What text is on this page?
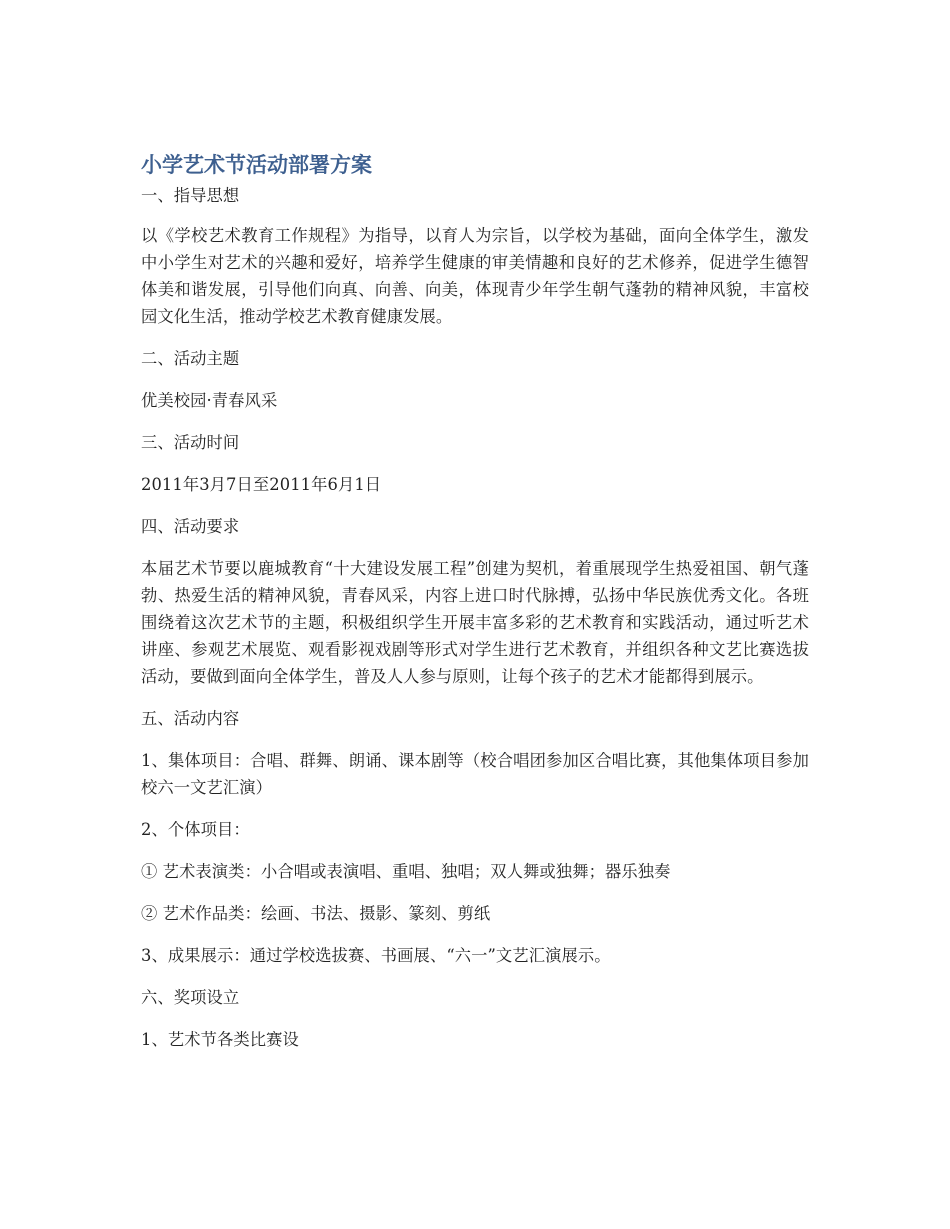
小学艺术节活动部署方案

一、指导思想

以《学校艺术教育工作规程》为指导，以育人为宗旨，以学校为基础，面向全体学生，激发中小学生对艺术的兴趣和爱好，培养学生健康的审美情趣和良好的艺术修养，促进学生德智体美和谐发展，引导他们向真、向善、向美，体现青少年学生朝气蓬勃的精神风貌，丰富校园文化生活，推动学校艺术教育健康发展。

二、活动主题

优美校园·青春风采

三、活动时间

2011年3月7日至2011年6月1日

四、活动要求

本届艺术节要以鹿城教育“十大建设发展工程”创建为契机，着重展现学生热爱祖国、朝气蓬勃、热爱生活的精神风貌，青春风采，内容上进口时代脉搏，弘扬中华民族优秀文化。各班围绕着这次艺术节的主题，积极组织学生开展丰富多彩的艺术教育和实践活动，通过听艺术讲座、参观艺术展览、观看影视戏剧等形式对学生进行艺术教育，并组织各种文艺比赛选拔活动，要做到面向全体学生，普及人人参与原则，让每个孩子的艺术才能都得到展示。

五、活动内容

1、集体项目：合唱、群舞、朗诵、课本剧等（校合唱团参加区合唱比赛，其他集体项目参加校六一文艺汇演）

2、个体项目：

① 艺术表演类：小合唱或表演唱、重唱、独唱；双人舞或独舞；器乐独奏

② 艺术作品类：绘画、书法、摄影、篆刻、剪纸

3、成果展示：通过学校选拔赛、书画展、“六一”文艺汇演展示。

六、奖项设立

1、艺术节各类比赛设
